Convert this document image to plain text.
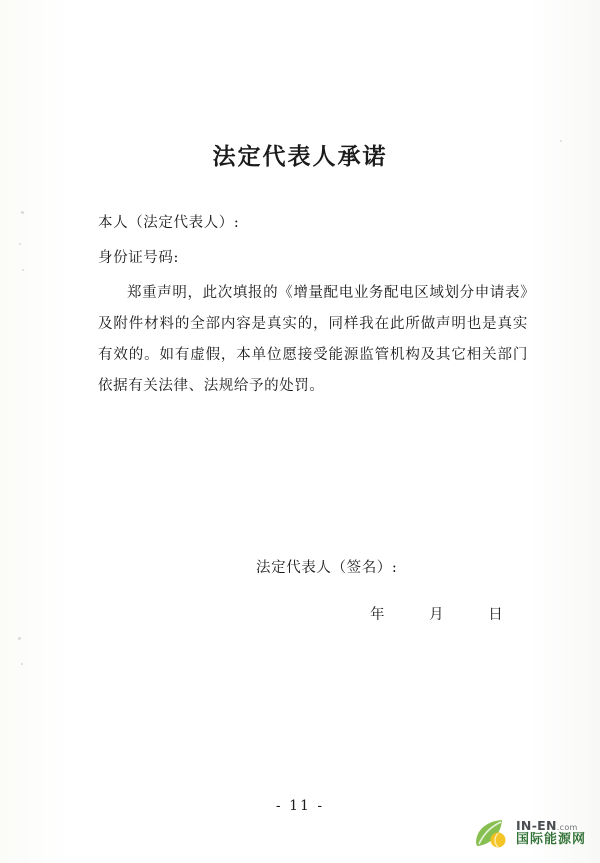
法定代表人承诺

本人（法定代表人）:

身份证号码:

郑重声明，此次填报的《增量配电业务配电区域划分申请表》及附件材料的全部内容是真实的，同样我在此所做声明也是真实有效的。如有虚假，本单位愿接受能源监管机构及其它相关部门依据有关法律、法规给予的处罚。

法定代表人（签名）:
年 月 日
- 11 -
IN-EN.com
国际能源网
